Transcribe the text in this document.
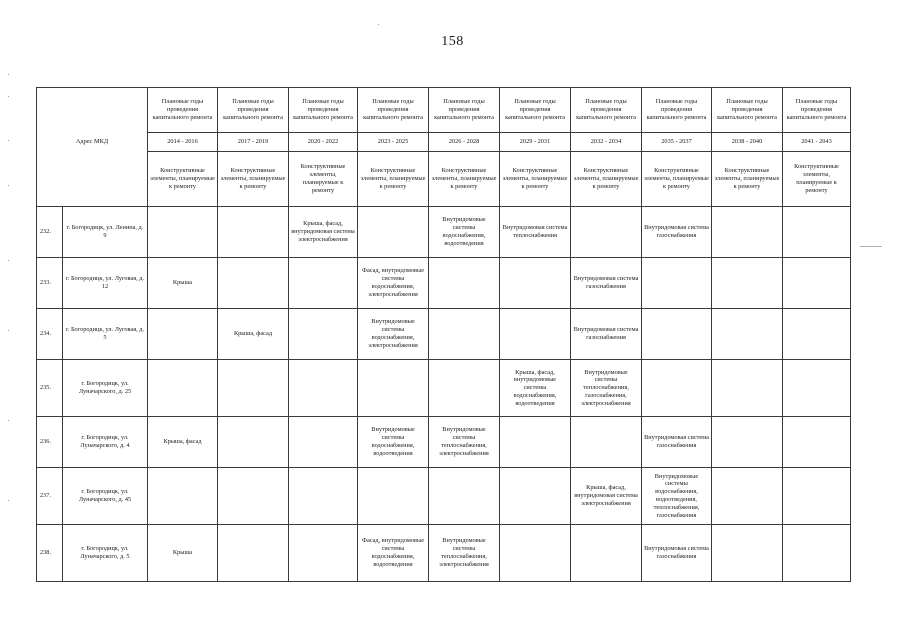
158
		Плановые годы проведения капитального ремонта	Плановые годы проведения капитального ремонта	Плановые годы проведения капитального ремонта	Плановые годы проведения капитального ремонта	Плановые годы проведения капитального ремонта	Плановые годы проведения капитального ремонта	Плановые годы проведения капитального ремонта	Плановые годы проведения капитального ремонта	Плановые годы проведения капитального ремонта	Плановые годы проведения капитального ремонта
Адрес МКД		2014 - 2016	2017 - 2019	2020 - 2022	2023 - 2025	2026 - 2028	2029 - 2031	2032 - 2034	2035 - 2037	2038 - 2040	2041 - 2043
		Конструктивные элементы, планируемые к ремонту	Конструктивные элементы, планируемые к ремонту	Конструктивные элементы, планируемые к ремонту	Конструктивные элементы, планируемые к ремонту	Конструктивные элементы, планируемые к ремонту	Конструктивные элементы, планируемые к ремонту	Конструктивные элементы, планируемые к ремонту	Конструктивные элементы, планируемые к ремонту	Конструктивные элементы, планируемые к ремонту	Конструктивные элементы, планируемые к ремонту
232.	г. Богородицк, ул. Ленина, д. 9			Крыша, фасад, внутридомовая система электроснабжения		Внутридомовые системы водоснабжения, водоотведения	Внутридомовая система теплоснабжения		Внутридомовая система газоснабжения		
233.	г. Богородицк, ул. Луговая, д. 12	Крыша			Фасад, внутридомовые системы водоснабжения, электроснабжения			Внутридомовая система газоснабжения			
234.	г. Богородицк, ул. Луговая, д. 5		Крыша, фасад		Внутридомовые системы водоснабжения, электроснабжения			Внутридомовая система газоснабжения			
235.	г. Богородицк, ул. Луначарского, д. 25						Крыша, фасад, внутридомовые системы водоснабжения, водоотведения	Внутридомовые системы теплоснабжения, газоснабжения, электроснабжения			
236.	г. Богородицк, ул. Луначарского, д. 4	Крыша, фасад			Внутридомовые системы водоснабжения, водоотведения	Внутридомовые системы теплоснабжения, электроснабжения			Внутридомовая система газоснабжения		
237.	г. Богородицк, ул. Луначарского, д. 45							Крыша, фасад, внутридомовая система электроснабжения	Внутридомовые системы водоснабжения, водоотведения, теплоснабжения, газоснабжения		
238.	г. Богородицк, ул. Луначарского, д. 5	Крыша			Фасад, внутридомовые системы водоснабжения, водоотведения	Внутридомовые системы теплоснабжения, электроснабжения			Внутридомовая система газоснабжения		
